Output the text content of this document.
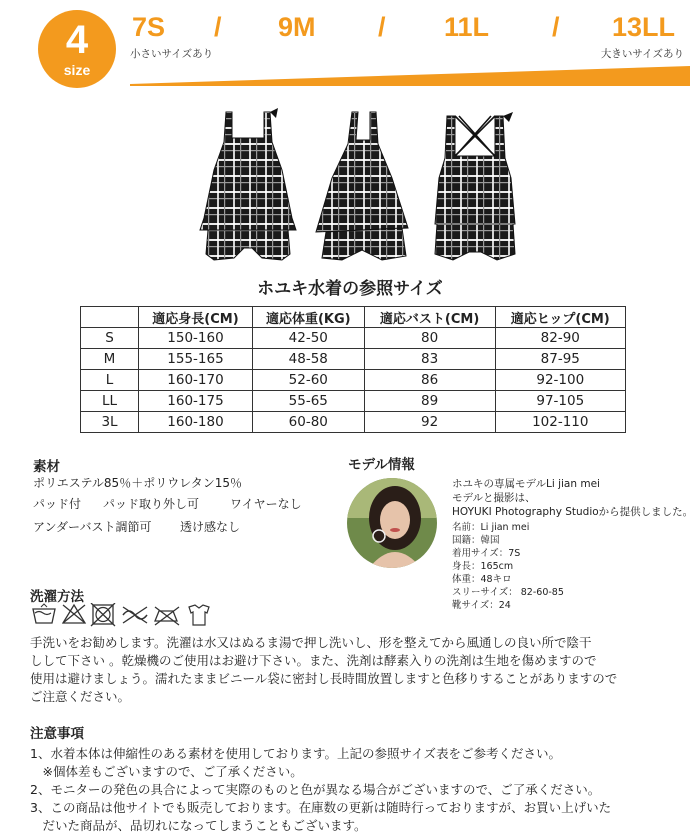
4
size
7S / 9M / 11L / 13LL
小さいサイズあり	大きいサイズあり
ホユキ水着の参照サイズ
	適応身長(CM)	適応体重(KG)	適応バスト(CM)	適応ヒップ(CM)
S	150-160	42-50	80	82-90
M	155-165	48-58	83	87-95
L	160-170	52-60	86	92-100
LL	160-175	55-65	89	97-105
3L	160-180	60-80	92	102-110
素材
ポリエステル85％＋ポリウレタン15％
パッド付 パッド取り外し可	ワイヤーなし
アンダーバスト調節可 透け感なし
モデル情報
ホユキの専属モデルLi jian mei
モデルと撮影は、
HOYUKI Photography Studioから提供しました。
名前：Li jian mei
国籍：韓国
着用サイズ：7S
身長：165cm
体重：48キロ
スリーサイズ： 82-60-85
靴サイズ：24
洗濯方法
手洗いをお勧めします。洗濯は水又はぬるま湯で押し洗いし、形を整えてから風通しの良い所で陰干
しして下さい 。乾燥機のご使用はお避け下さい。また、洗剤は酵素入りの洗剤は生地を傷めますので
使用は避けましょう。濡れたままビニール袋に密封し長時間放置しますと色移りすることがありますので
ご注意ください。
注意事項
1、水着本体は伸縮性のある素材を使用しております。上記の参照サイズ表をご参考ください。
　※個体差もございますので、ご了承ください。
2、モニターの発色の具合によって実際のものと色が異なる場合がございますので、ご了承ください。
3、この商品は他サイトでも販売しております。在庫数の更新は随時行っておりますが、お買い上げいた
　だいた商品が、品切れになってしまうこともございます。
